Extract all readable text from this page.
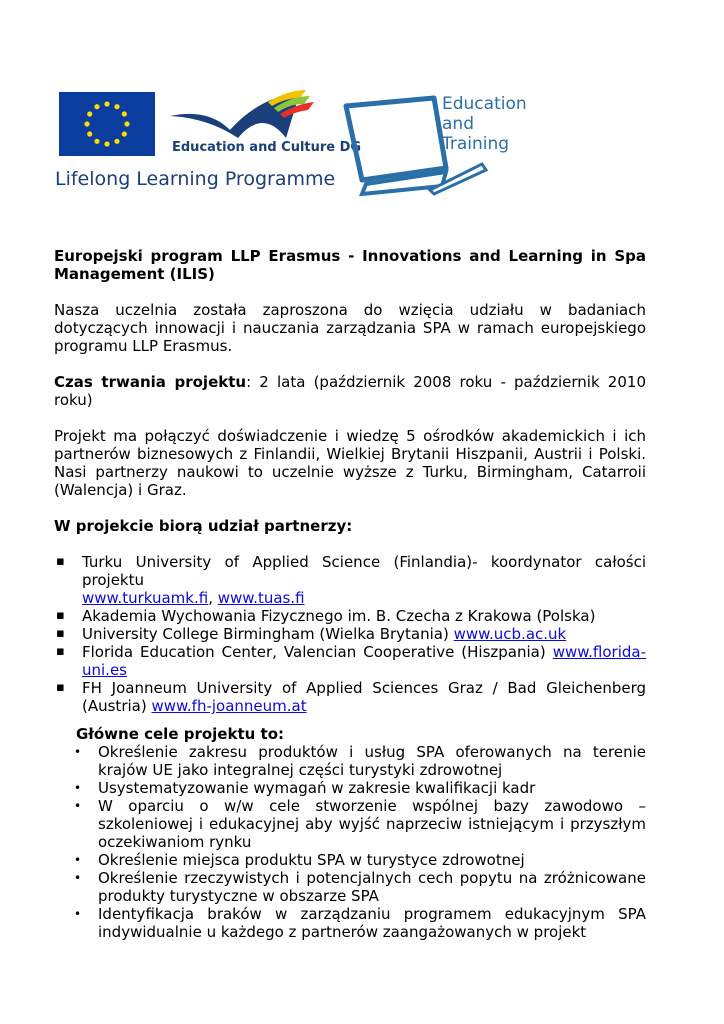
Education and Culture DG
Lifelong Learning Programme
Education
and
Training

Europejski program LLP Erasmus - Innovations and Learning in Spa Management (ILIS)

Nasza uczelnia została zaproszona do wzięcia udziału w badaniach dotyczących innowacji i nauczania zarządzania SPA w ramach europejskiego programu LLP Erasmus.

Czas trwania projektu: 2 lata (październik 2008 roku - październik 2010 roku)

Projekt ma połączyć doświadczenie i wiedzę 5 ośrodków akademickich i ich partnerów biznesowych z Finlandii, Wielkiej Brytanii Hiszpanii, Austrii i Polski. Nasi partnerzy naukowi to uczelnie wyższe z Turku, Birmingham, Catarroii (Walencja) i Graz.

W projekcie biorą udział partnerzy:

▪ Turku University of Applied Science (Finlandia)- koordynator całości projektu
www.turkuamk.fi, www.tuas.fi
▪ Akademia Wychowania Fizycznego im. B. Czecha z Krakowa (Polska)
▪ University College Birmingham (Wielka Brytania) www.ucb.ac.uk
▪ Florida Education Center, Valencian Cooperative (Hiszpania) www.florida-uni.es
▪ FH Joanneum University of Applied Sciences Graz / Bad Gleichenberg (Austria) www.fh-joanneum.at
Główne cele projektu to:
• Określenie zakresu produktów i usług SPA oferowanych na terenie krajów UE jako integralnej części turystyki zdrowotnej
• Usystematyzowanie wymagań w zakresie kwalifikacji kadr
• W oparciu o w/w cele stworzenie wspólnej bazy zawodowo – szkoleniowej i edukacyjnej aby wyjść naprzeciw istniejącym i przyszłym oczekiwaniom rynku
• Określenie miejsca produktu SPA w turystyce zdrowotnej
• Określenie rzeczywistych i potencjalnych cech popytu na zróżnicowane produkty turystyczne w obszarze SPA
• Identyfikacja braków w zarządzaniu programem edukacyjnym SPA indywidualnie u każdego z partnerów zaangażowanych w projekt
